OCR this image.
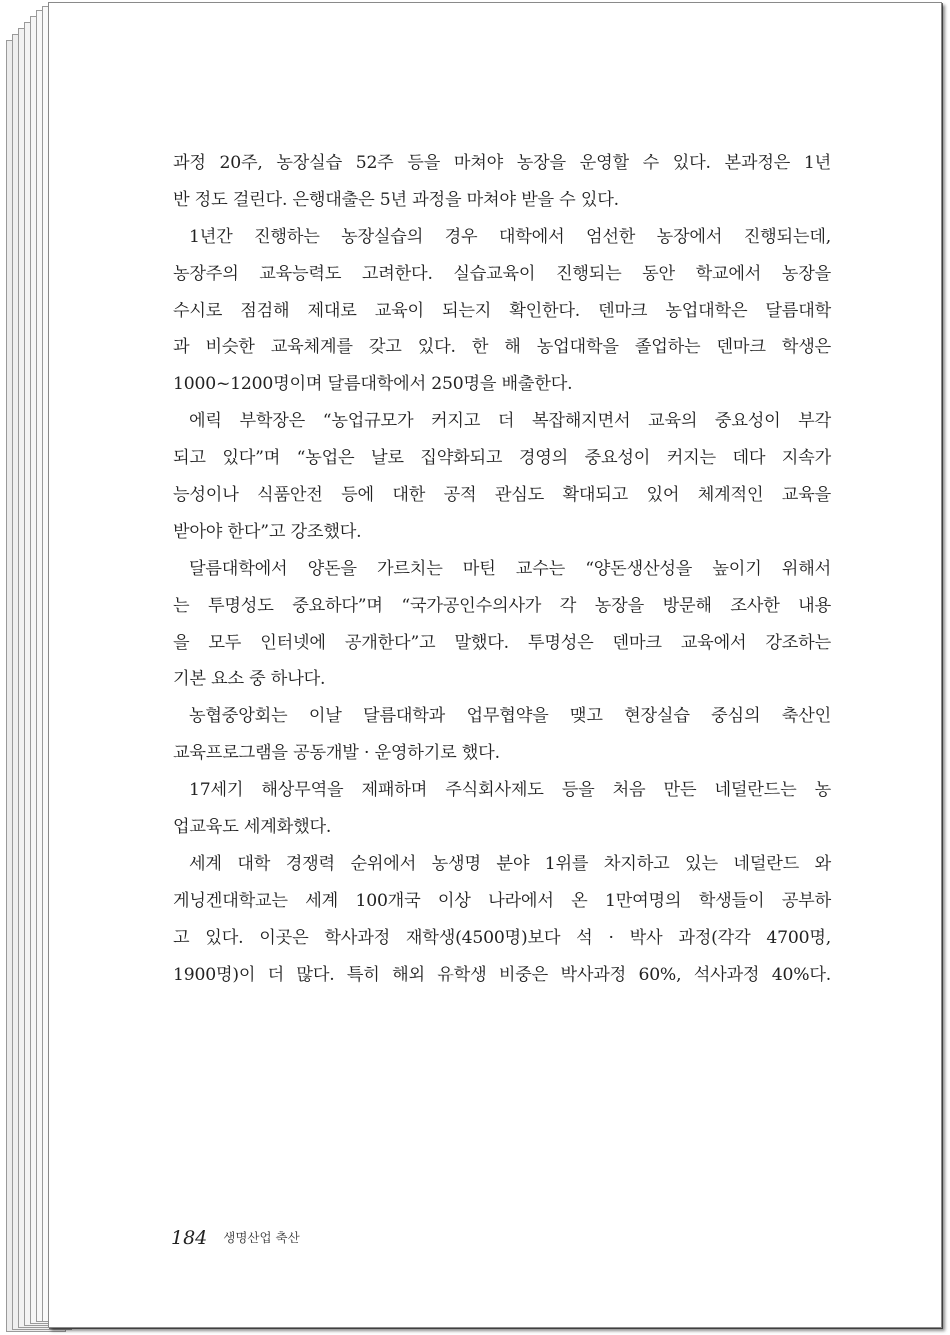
과정 20주, 농장실습 52주 등을 마쳐야 농장을 운영할 수 있다. 본과정은 1년
반 정도 걸린다. 은행대출은 5년 과정을 마쳐야 받을 수 있다.
1년간 진행하는 농장실습의 경우 대학에서 엄선한 농장에서 진행되는데,
농장주의 교육능력도 고려한다. 실습교육이 진행되는 동안 학교에서 농장을
수시로 점검해 제대로 교육이 되는지 확인한다. 덴마크 농업대학은 달름대학
과 비슷한 교육체계를 갖고 있다. 한 해 농업대학을 졸업하는 덴마크 학생은
1000~1200명이며 달름대학에서 250명을 배출한다.
에릭 부학장은 “농업규모가 커지고 더 복잡해지면서 교육의 중요성이 부각
되고 있다”며 “농업은 날로 집약화되고 경영의 중요성이 커지는 데다 지속가
능성이나 식품안전 등에 대한 공적 관심도 확대되고 있어 체계적인 교육을
받아야 한다”고 강조했다.
달름대학에서 양돈을 가르치는 마틴 교수는 “양돈생산성을 높이기 위해서
는 투명성도 중요하다”며 “국가공인수의사가 각 농장을 방문해 조사한 내용
을 모두 인터넷에 공개한다”고 말했다. 투명성은 덴마크 교육에서 강조하는
기본 요소 중 하나다.
농협중앙회는 이날 달름대학과 업무협약을 맺고 현장실습 중심의 축산인
교육프로그램을 공동개발 · 운영하기로 했다.
17세기 해상무역을 제패하며 주식회사제도 등을 처음 만든 네덜란드는 농
업교육도 세계화했다.
세계 대학 경쟁력 순위에서 농생명 분야 1위를 차지하고 있는 네덜란드 와
게닝겐대학교는 세계 100개국 이상 나라에서 온 1만여명의 학생들이 공부하
고 있다. 이곳은 학사과정 재학생(4500명)보다 석 · 박사 과정(각각 4700명,
1900명)이 더 많다. 특히 해외 유학생 비중은 박사과정 60%, 석사과정 40%다.
184 생명산업 축산
